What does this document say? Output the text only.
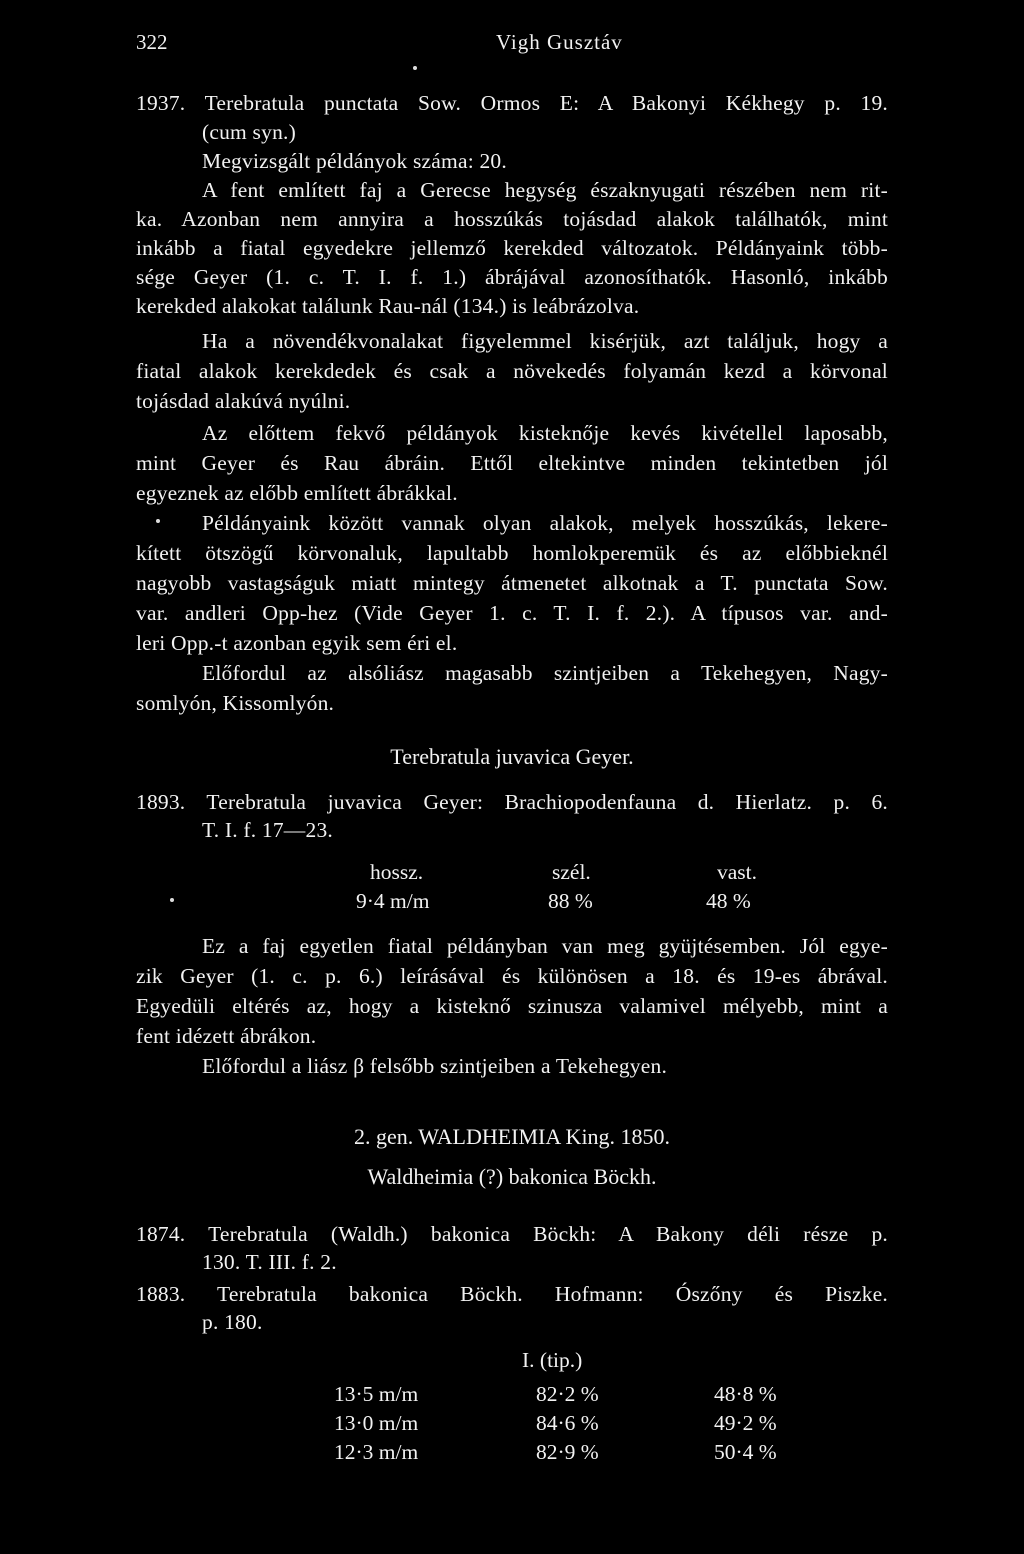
322	Vigh Gusztáv
1937. Terebratula punctata Sow. Ormos E: A Bakonyi Kékhegy p. 19.
(cum syn.)
Megvizsgált példányok száma: 20.
A fent említett faj a Gerecse hegység északnyugati részében nem rit-
ka. Azonban nem annyira a hosszúkás tojásdad alakok találhatók, mint
inkább a fiatal egyedekre jellemző kerekded változatok. Példányaink több-
sége Geyer (1. c. T. I. f. 1.) ábrájával azonosíthatók. Hasonló, inkább
kerekded alakokat találunk Rau-nál (134.) is leábrázolva.
Ha a növendékvonalakat figyelemmel kisérjük, azt találjuk, hogy a
fiatal alakok kerekdedek és csak a növekedés folyamán kezd a körvonal
tojásdad alakúvá nyúlni.
Az előttem fekvő példányok kisteknője kevés kivétellel laposabb,
mint Geyer és Rau ábráin. Ettől eltekintve minden tekintetben jól
egyeznek az előbb említett ábrákkal.
Példányaink között vannak olyan alakok, melyek hosszúkás, lekere-
kített ötszögű körvonaluk, lapultabb homlokperemük és az előbbieknél
nagyobb vastagságuk miatt mintegy átmenetet alkotnak a T. punctata Sow.
var. andleri Opp-hez (Vide Geyer 1. c. T. I. f. 2.). A típusos var. and-
leri Opp.-t azonban egyik sem éri el.
Előfordul az alsóliász magasabb szintjeiben a Tekehegyen, Nagy-
somlyón, Kissomlyón.
Terebratula juvavica Geyer.
1893. Terebratula juvavica Geyer: Brachiopodenfauna d. Hierlatz. p. 6.
T. I. f. 17—23.
hossz.	szél.	vast.
9·4 m/m	88 %	48 %
Ez a faj egyetlen fiatal példányban van meg gyüjtésemben. Jól egye-
zik Geyer (1. c. p. 6.) leírásával és különösen a 18. és 19-es ábrával.
Egyedüli eltérés az, hogy a kisteknő szinusza valamivel mélyebb, mint a
fent idézett ábrákon.
Előfordul a liász β felsőbb szintjeiben a Tekehegyen.
2. gen. WALDHEIMIA King. 1850.
Waldheimia (?) bakonica Böckh.
1874. Terebratula (Waldh.) bakonica Böckh: A Bakony déli része p.
130. T. III. f. 2.
1883. Terebratula bakonica Böckh. Hofmann: Ószőny és Piszke.
p. 180.
I. (tip.)
13·5 m/m	82·2 %	48·8 %
13·0 m/m	84·6 %	49·2 %
12·3 m/m	82·9 %	50·4 %
